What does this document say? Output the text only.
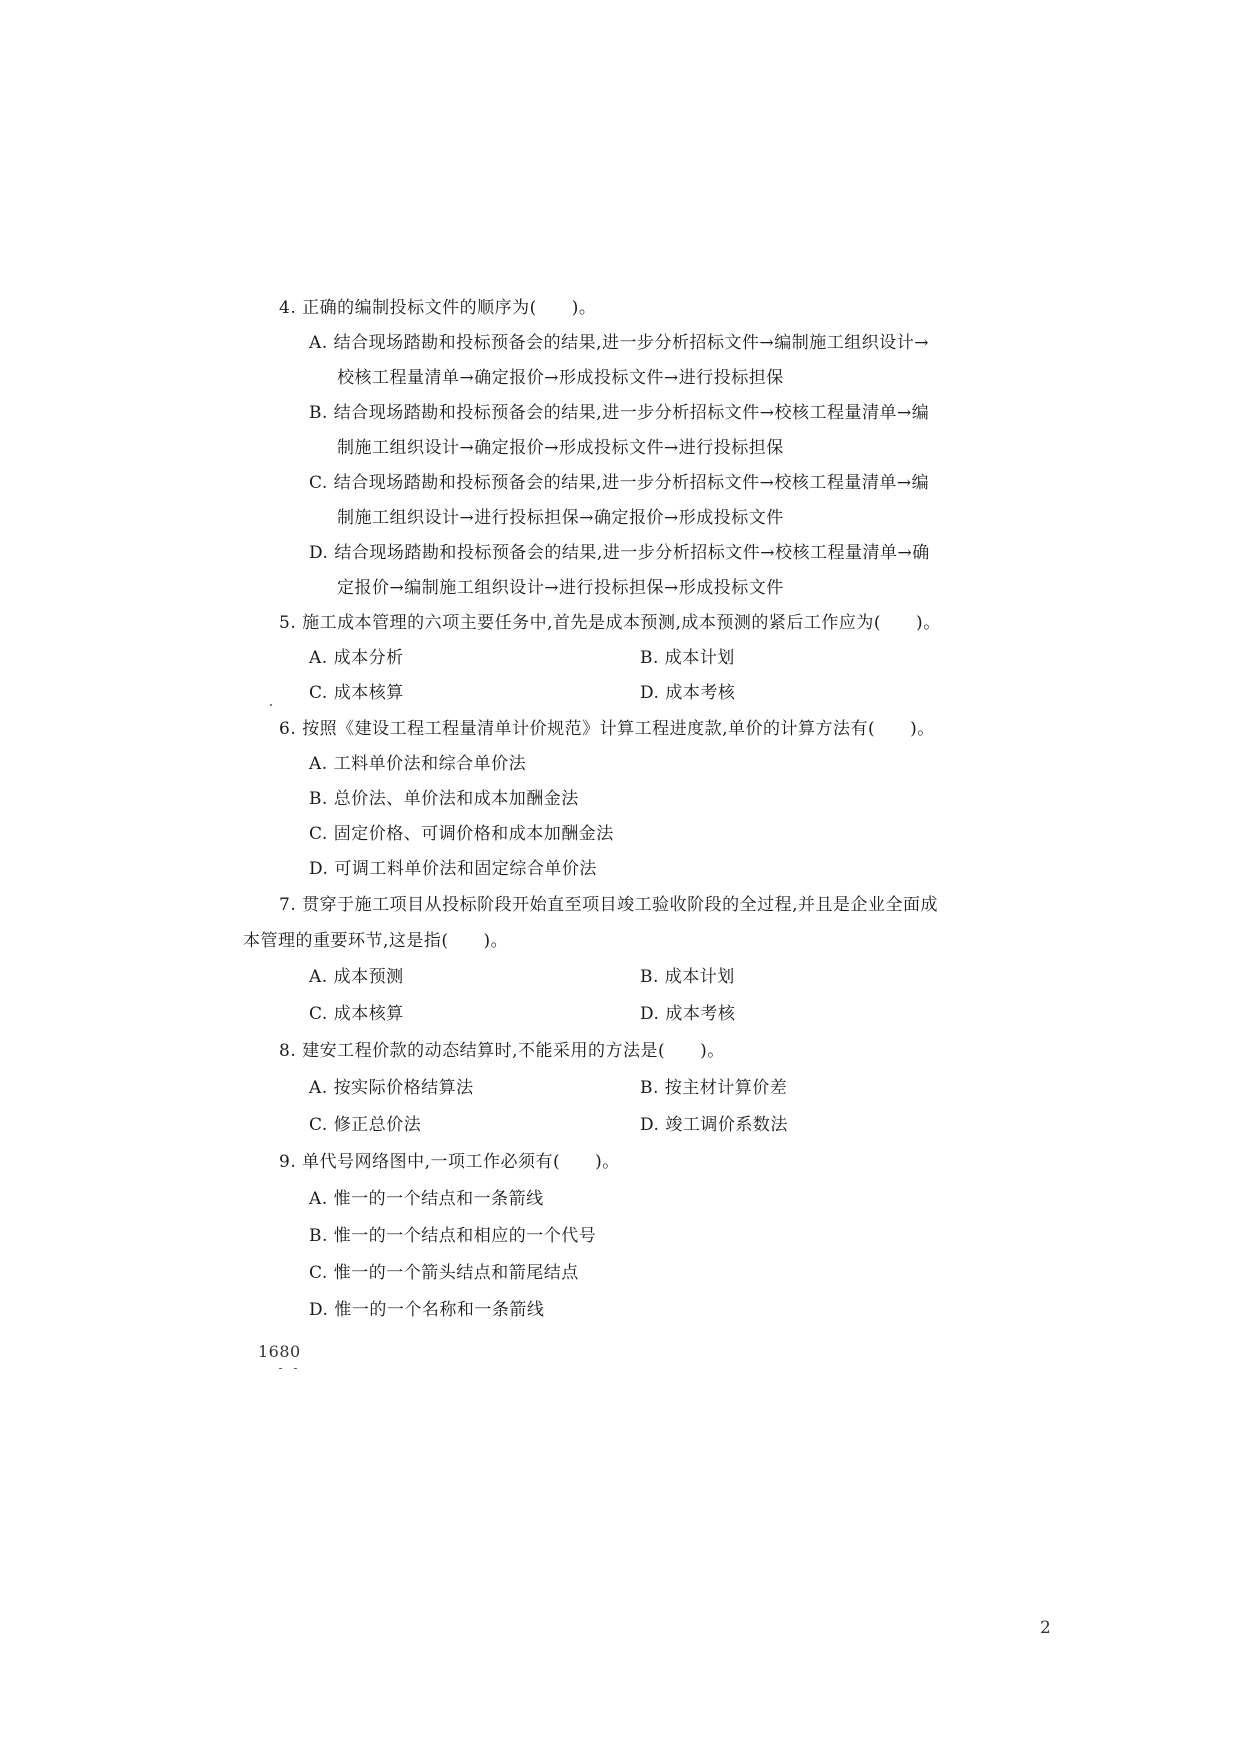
4. 正确的编制投标文件的顺序为(　　)。
A. 结合现场踏勘和投标预备会的结果,进一步分析招标文件→编制施工组织设计→
校核工程量清单→确定报价→形成投标文件→进行投标担保
B. 结合现场踏勘和投标预备会的结果,进一步分析招标文件→校核工程量清单→编
制施工组织设计→确定报价→形成投标文件→进行投标担保
C. 结合现场踏勘和投标预备会的结果,进一步分析招标文件→校核工程量清单→编
制施工组织设计→进行投标担保→确定报价→形成投标文件
D. 结合现场踏勘和投标预备会的结果,进一步分析招标文件→校核工程量清单→确
定报价→编制施工组织设计→进行投标担保→形成投标文件
5. 施工成本管理的六项主要任务中,首先是成本预测,成本预测的紧后工作应为(　　)。
A. 成本分析	B. 成本计划
C. 成本核算	D. 成本考核
6. 按照《建设工程工程量清单计价规范》计算工程进度款,单价的计算方法有(　　)。
A. 工料单价法和综合单价法
B. 总价法、单价法和成本加酬金法
C. 固定价格、可调价格和成本加酬金法
D. 可调工料单价法和固定综合单价法
7. 贯穿于施工项目从投标阶段开始直至项目竣工验收阶段的全过程,并且是企业全面成
本管理的重要环节,这是指(　　)。
A. 成本预测	B. 成本计划
C. 成本核算	D. 成本考核
8. 建安工程价款的动态结算时,不能采用的方法是(　　)。
A. 按实际价格结算法	B. 按主材计算价差
C. 修正总价法	D. 竣工调价系数法
9. 单代号网络图中,一项工作必须有(　　)。
A. 惟一的一个结点和一条箭线
B. 惟一的一个结点和相应的一个代号
C. 惟一的一个箭头结点和箭尾结点
D. 惟一的一个名称和一条箭线
1680
2
